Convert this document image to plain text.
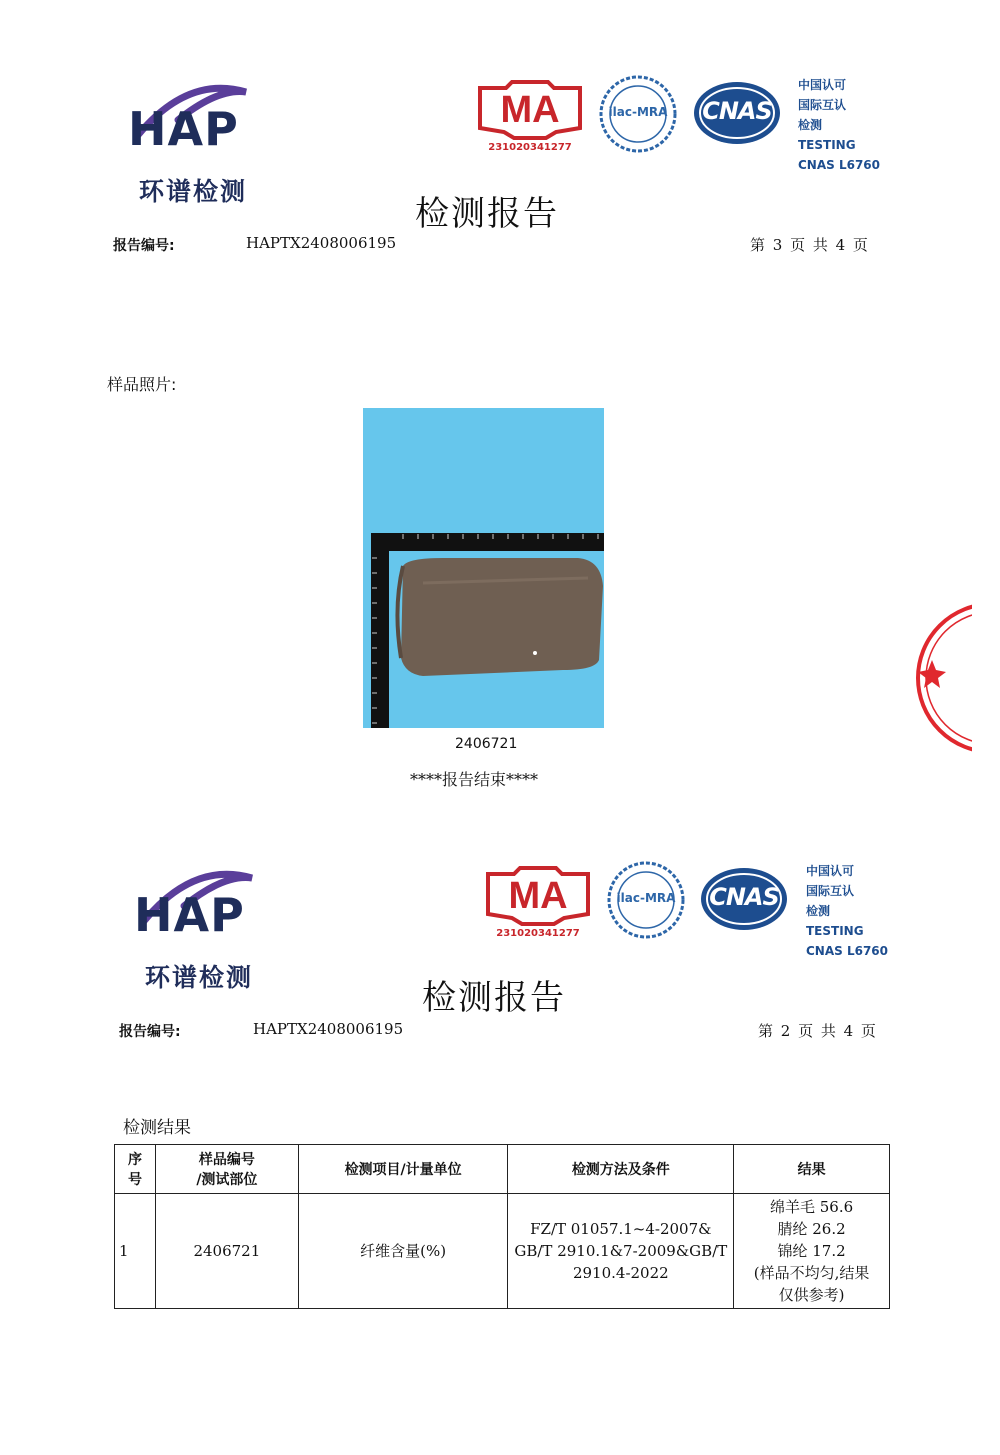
HAP
环谱检测
MA
231020341277
ilac-MRA	CNAS
中国认可
国际互认
检测
TESTING
CNAS L6760
检测报告
报告编号:	HAPTX2408006195	第 3 页 共 4 页
样品照片:
2406721
****报告结束****
HAP
环谱检测
MA
231020341277
ilac-MRA	CNAS
中国认可
国际互认
检测
TESTING
CNAS L6760
检测报告
报告编号:	HAPTX2408006195	第 2 页 共 4 页
检测结果
序
号	样品编号
/测试部位	检测项目/计量单位	检测方法及条件	结果
1	2406721	纤维含量(%)	FZ/T 01057.1~4-2007&
GB/T 2910.1&7-2009&GB/T
2910.4-2022	绵羊毛 56.6
腈纶 26.2
锦纶 17.2
(样品不均匀,结果
仅供参考)
